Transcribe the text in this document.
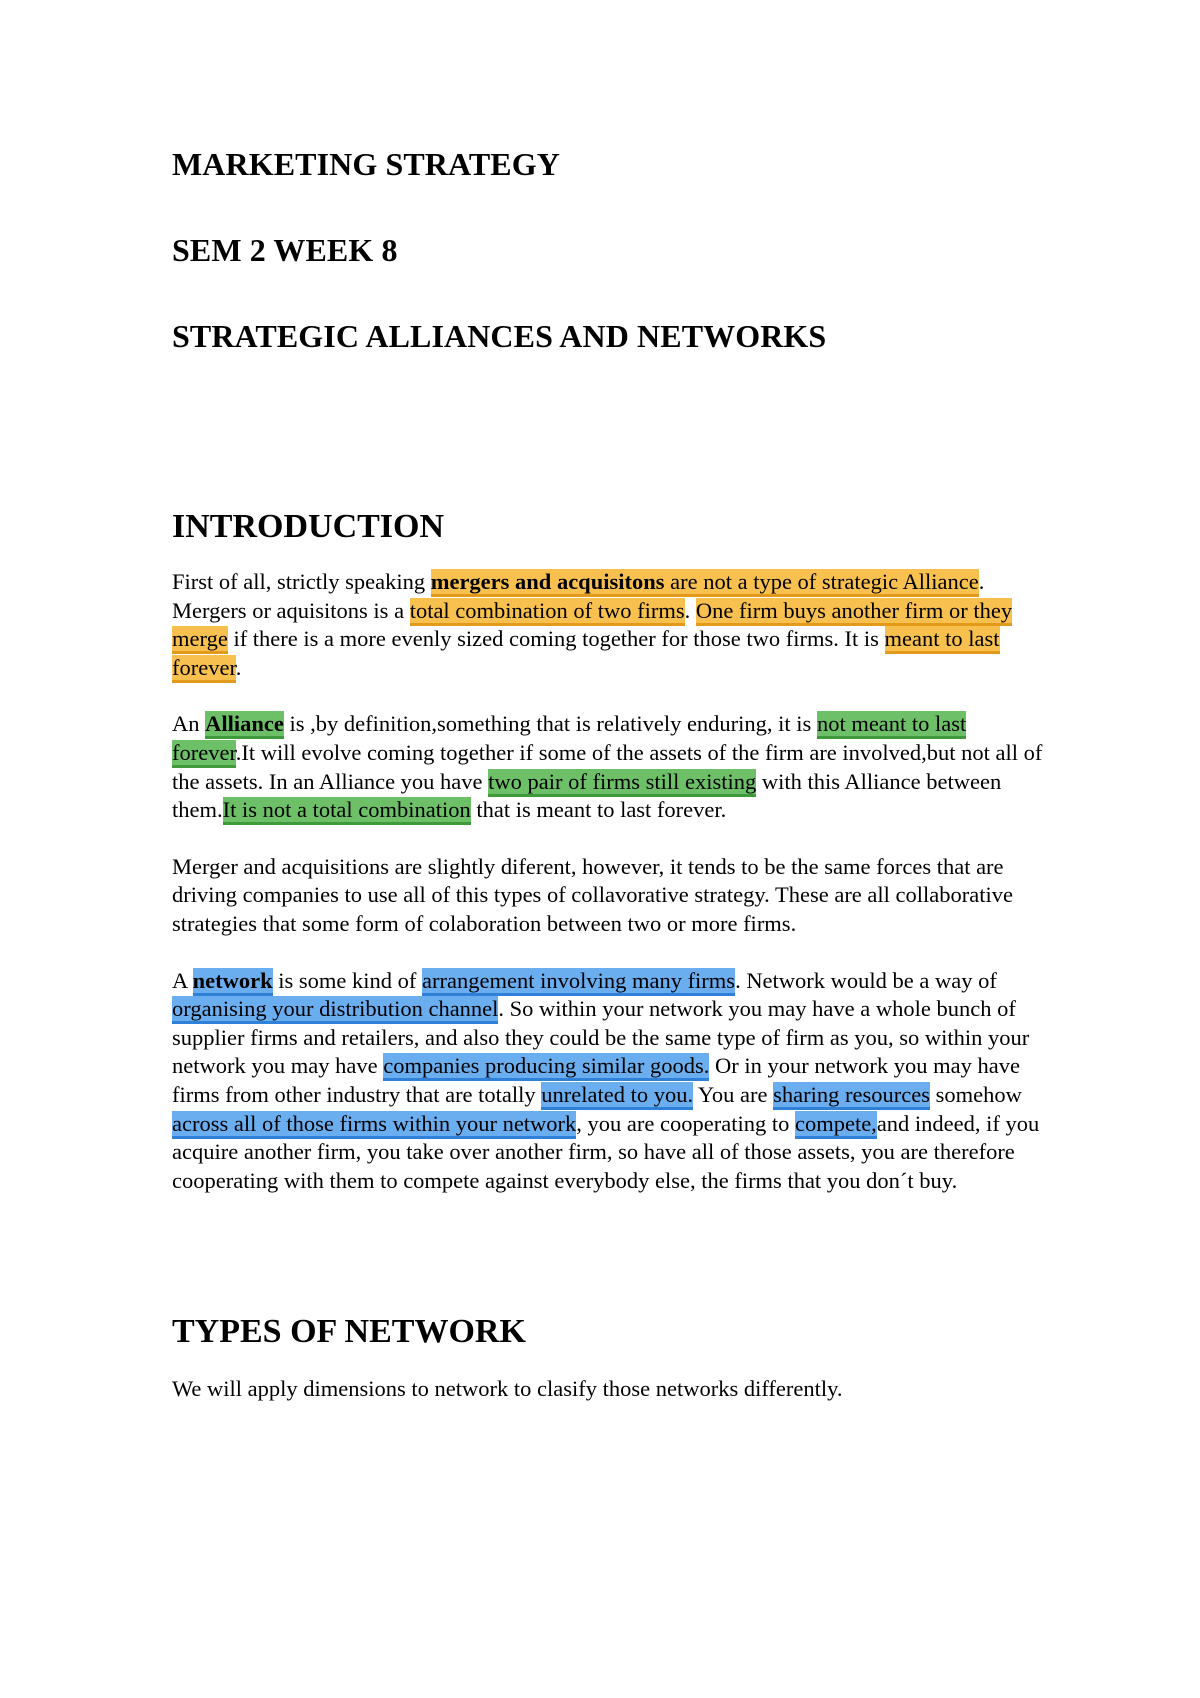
MARKETING STRATEGY
SEM 2 WEEK 8
STRATEGIC ALLIANCES AND NETWORKS
INTRODUCTION

First of all, strictly speaking mergers and acquisitons are not a type of strategic Alliance. Mergers or aquisitons is a total combination of two firms. One firm buys another firm or they merge if there is a more evenly sized coming together for those two firms. It is meant to last forever.

An Alliance is ,by definition,something that is relatively enduring, it is not meant to last forever.It will evolve coming together if some of the assets of the firm are involved,but not all of the assets. In an Alliance you have two pair of firms still existing with this Alliance between them.It is not a total combination that is meant to last forever.

Merger and acquisitions are slightly diferent, however, it tends to be the same forces that are driving companies to use all of this types of collavorative strategy. These are all collaborative strategies that some form of colaboration between two or more firms.

A network is some kind of arrangement involving many firms. Network would be a way of organising your distribution channel. So within your network you may have a whole bunch of supplier firms and retailers, and also they could be the same type of firm as you, so within your network you may have companies producing similar goods. Or in your network you may have firms from other industry that are totally unrelated to you. You are sharing resources somehow across all of those firms within your network, you are cooperating to compete,and indeed, if you acquire another firm, you take over another firm, so have all of those assets, you are therefore cooperating with them to compete against everybody else, the firms that you don´t buy.

TYPES OF NETWORK

We will apply dimensions to network to clasify those networks differently.
